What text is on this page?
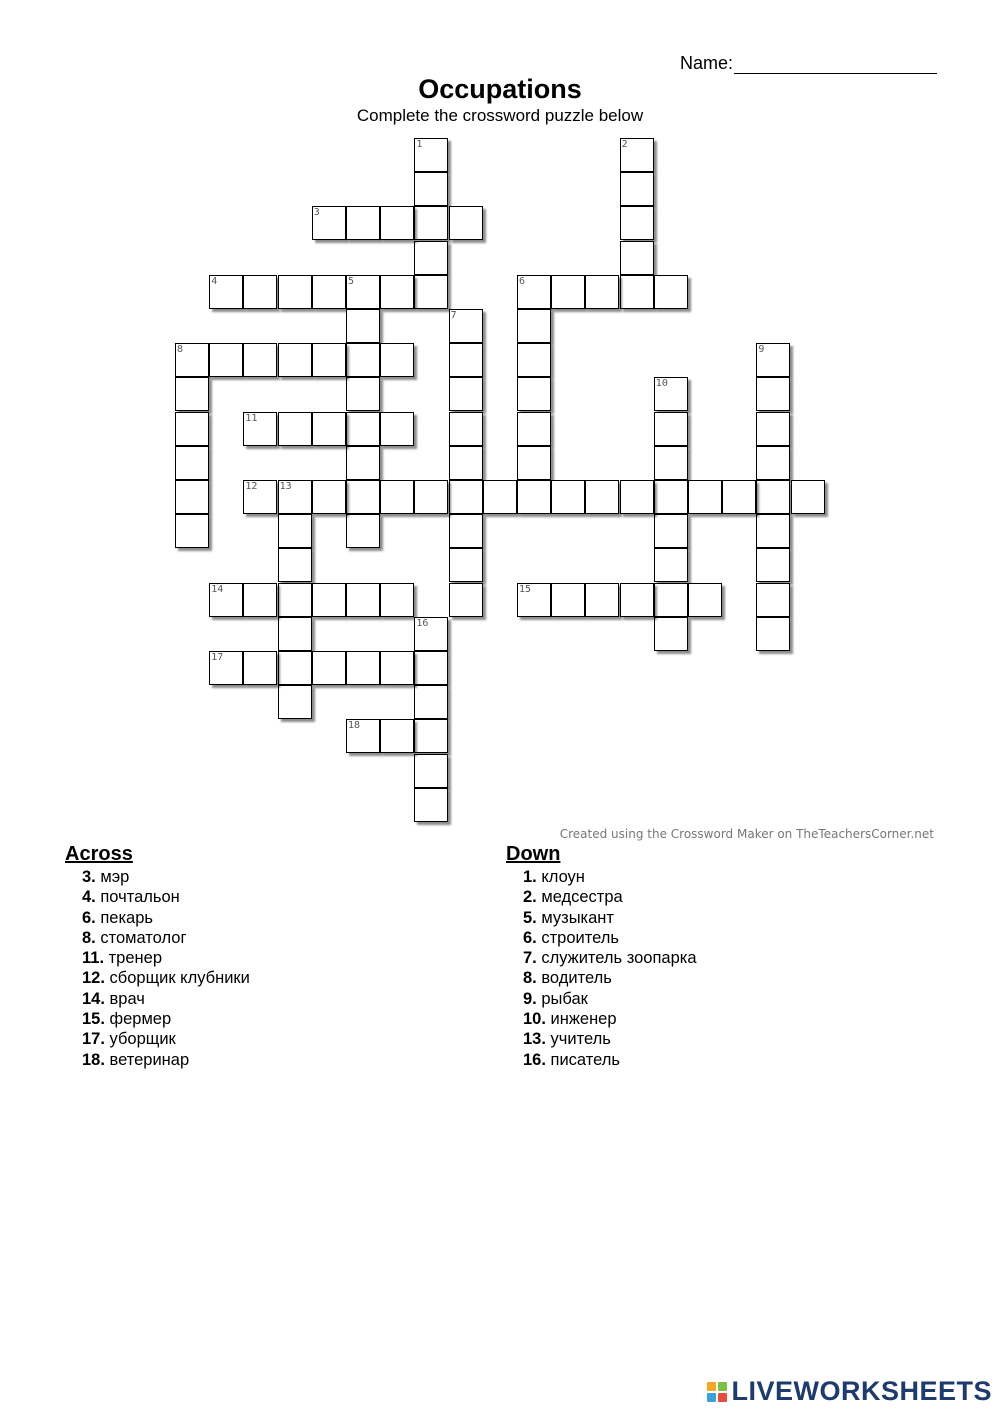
Name:
Occupations
Complete the crossword puzzle below
1	2
3
4	5	6
7
8	9
10
11
12 13
14	15
16
17
18
Created using the Crossword Maker on TheTeachersCorner.net
Across
3. мэр
4. почтальон
6. пекарь
8. стоматолог
11. тренер
12. сборщик клубники
14. врач
15. фермер
17. уборщик
18. ветеринар
Down
1. клоун
2. медсестра
5. музыкант
6. строитель
7. служитель зоопарка
8. водитель
9. рыбак
10. инженер
13. учитель
16. писатель
LIVEWORKSHEETS
